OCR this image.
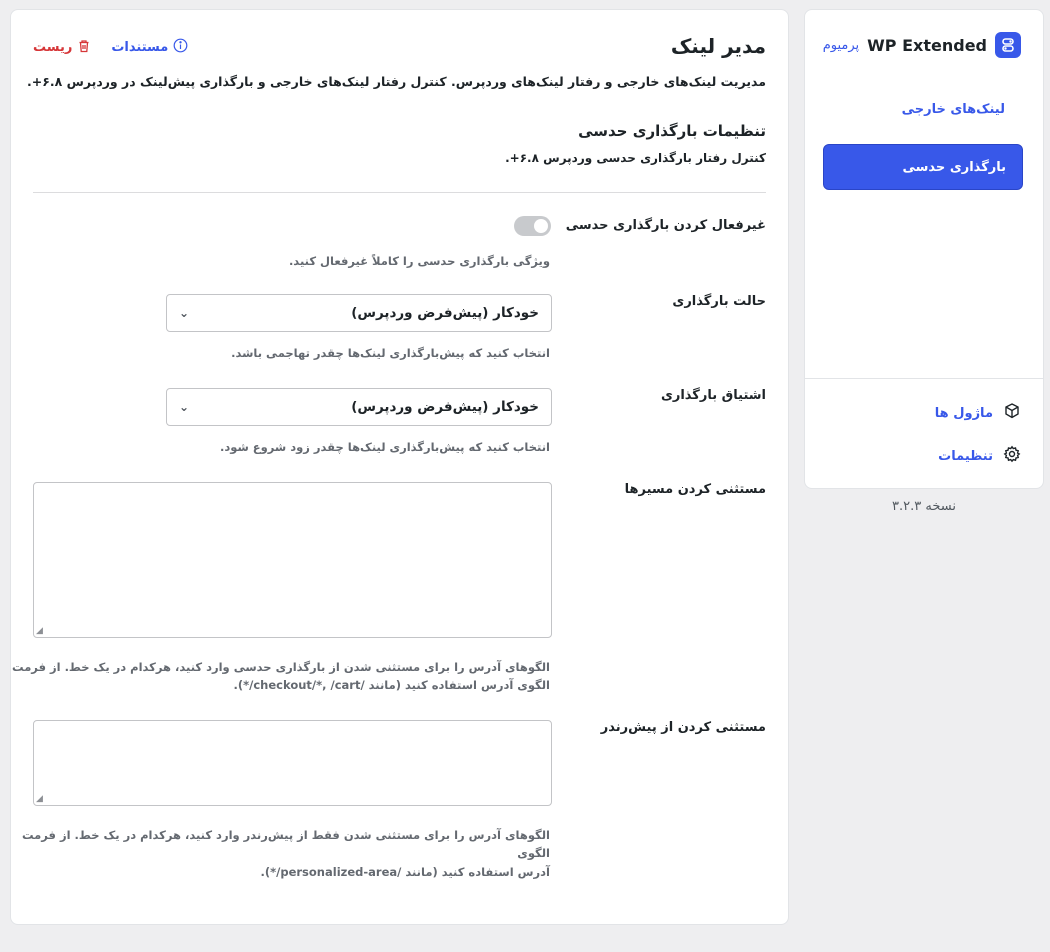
WP Extended
پرمیوم
لینک‌های خارجی
بارگذاری حدسی
ماژول ها
تنظیمات
نسخه ۳.۲.۳
مدیر لینک
ریست	مستندات

مدیریت لینک‌های خارجی و رفتار لینک‌های وردپرس. کنترل رفتار لینک‌های خارجی و بارگذاری پیش‌لینک در وردپرس ۶.۸+.

تنظیمات بارگذاری حدسی

کنترل رفتار بارگذاری حدسی وردپرس ۶.۸+.

غیرفعال کردن بارگذاری حدسی

ویژگی بارگذاری حدسی را کاملاً غیرفعال کنید.

حالت بارگذاری
خودکار (پیش‌فرض وردپرس)
⌄

انتخاب کنید که پیش‌بارگذاری لینک‌ها چقدر تهاجمی باشد.

اشتیاق بارگذاری
خودکار (پیش‌فرض وردپرس)
⌄

انتخاب کنید که پیش‌بارگذاری لینک‌ها چقدر زود شروع شود.

مستثنی کردن مسیرها
◢

الگوهای آدرس را برای مستثنی شدن از بارگذاری حدسی وارد کنید، هرکدام در یک خط. از فرمت
الگوی آدرس استفاده کنید (مانند /checkout/*, /cart/*).

مستثنی کردن از پیش‌رندر
◢

الگوهای آدرس را برای مستثنی شدن فقط از پیش‌رندر وارد کنید، هرکدام در یک خط. از فرمت الگوی
آدرس استفاده کنید (مانند /personalized-area/*).
